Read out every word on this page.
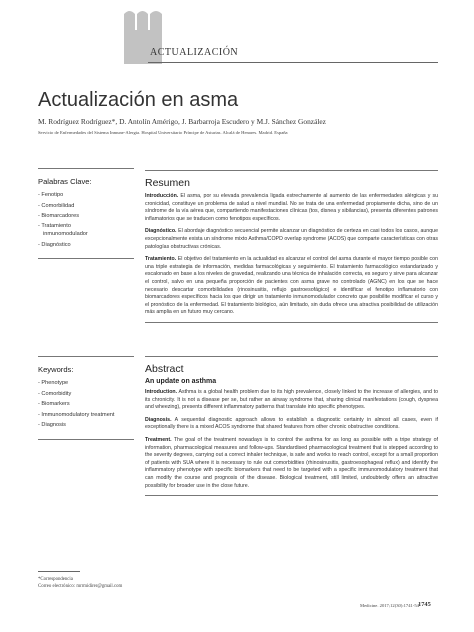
ACTUALIZACIÓN
Actualización en asma
M. Rodríguez Rodríguez*, D. Antolín Amérigo, J. Barbarroja Escudero y M.J. Sánchez González
Servicio de Enfermedades del Sistema Inmune-Alergia. Hospital Universitario Príncipe de Asturias. Alcalá de Henares. Madrid. España
Palabras Clave:
- Fenotipo
- Comorbilidad
- Biomarcadores
- Tratamiento
inmunomodulador
- Diagnóstico
Resumen

Introducción. El asma, por su elevada prevalencia ligada estrechamente al aumento de las enfermedades alérgicas y su cronicidad, constituye un problema de salud a nivel mundial. No se trata de una enfermedad propiamente dicha, sino de un síndrome de la vía aérea que, compartiendo manifestaciones clínicas (tos, disnea y sibilancias), presenta diferentes patrones inflamatorios que se traducen como fenotipos específicos.

Diagnóstico. El abordaje diagnóstico secuencial permite alcanzar un diagnóstico de certeza en casi todos los casos, aunque excepcionalmente exista un síndrome mixto Asthma/COPD overlap syndrome (ACOS) que comparte características con otras patologías obstructivas crónicas.

Tratamiento. El objetivo del tratamiento en la actualidad es alcanzar el control del asma durante el mayor tiempo posible con una triple estrategia de información, medidas farmacológicas y seguimiento. El tratamiento farmacológico estandarizado y escalonado en base a los niveles de gravedad, realizando una técnica de inhalación correcta, es seguro y sirve para alcanzar el control, salvo en una pequeña proporción de pacientes con asma grave no controlado (AGNC) en los que se hace necesario descartar comorbilidades (rinosinusitis, reflujo gastroesofágico) e identificar el fenotipo inflamatorio con biomarcadores específicos hacia los que dirigir un tratamiento inmunomodulador concreto que posibilite modificar el curso y el pronóstico de la enfermedad. El tratamiento biológico, aún limitado, sin duda ofrece una atractiva posibilidad de utilización más amplia en un futuro muy cercano.

Keywords:
- Phenotype
- Comorbidity
- Biomarkers
- Immunomodulatory treatment
- Diagnosis
Abstract
An update on asthma

Introduction. Asthma is a global health problem due to its high prevalence, closely linked to the increase of allergies, and to its chronicity. It is not a disease per se, but rather an airway syndrome that, sharing clinical manifestations (cough, dyspnea and wheezing), presents different inflammatory patterns that translate into specific phenotypes.

Diagnosis. A sequential diagnostic approach allows to establish a diagnostic certainty in almost all cases, even if exceptionally there is a mixed ACOS syndrome that shared features from other chronic obstructive conditions.

Treatment. The goal of the treatment nowadays is to control the asthma for as long as possible with a tripe strategy of information, pharmacological measures and follow-ups. Standardised pharmacological treatment that is stepped according to the severity degrees, carrying out a correct inhaler technique, is safe and works to reach control, except for a small proportion of patients with SUA where it is necessary to rule out comorbidities (rhinosinusitis, gastroesophageal reflux) and identify the inflammatory phenotype with specific biomarkers that need to be targeted with a specific immunomodulatory treatment that can modify the course and prognosis of the disease. Biological treatment, still limited, undoubtedly offers an attractive possibility for broader use in the close future.

*Correspondencia
Correo electrónico: mrrmidirer@gmail.com
Medicine. 2017;12(30):1741-54 1745
